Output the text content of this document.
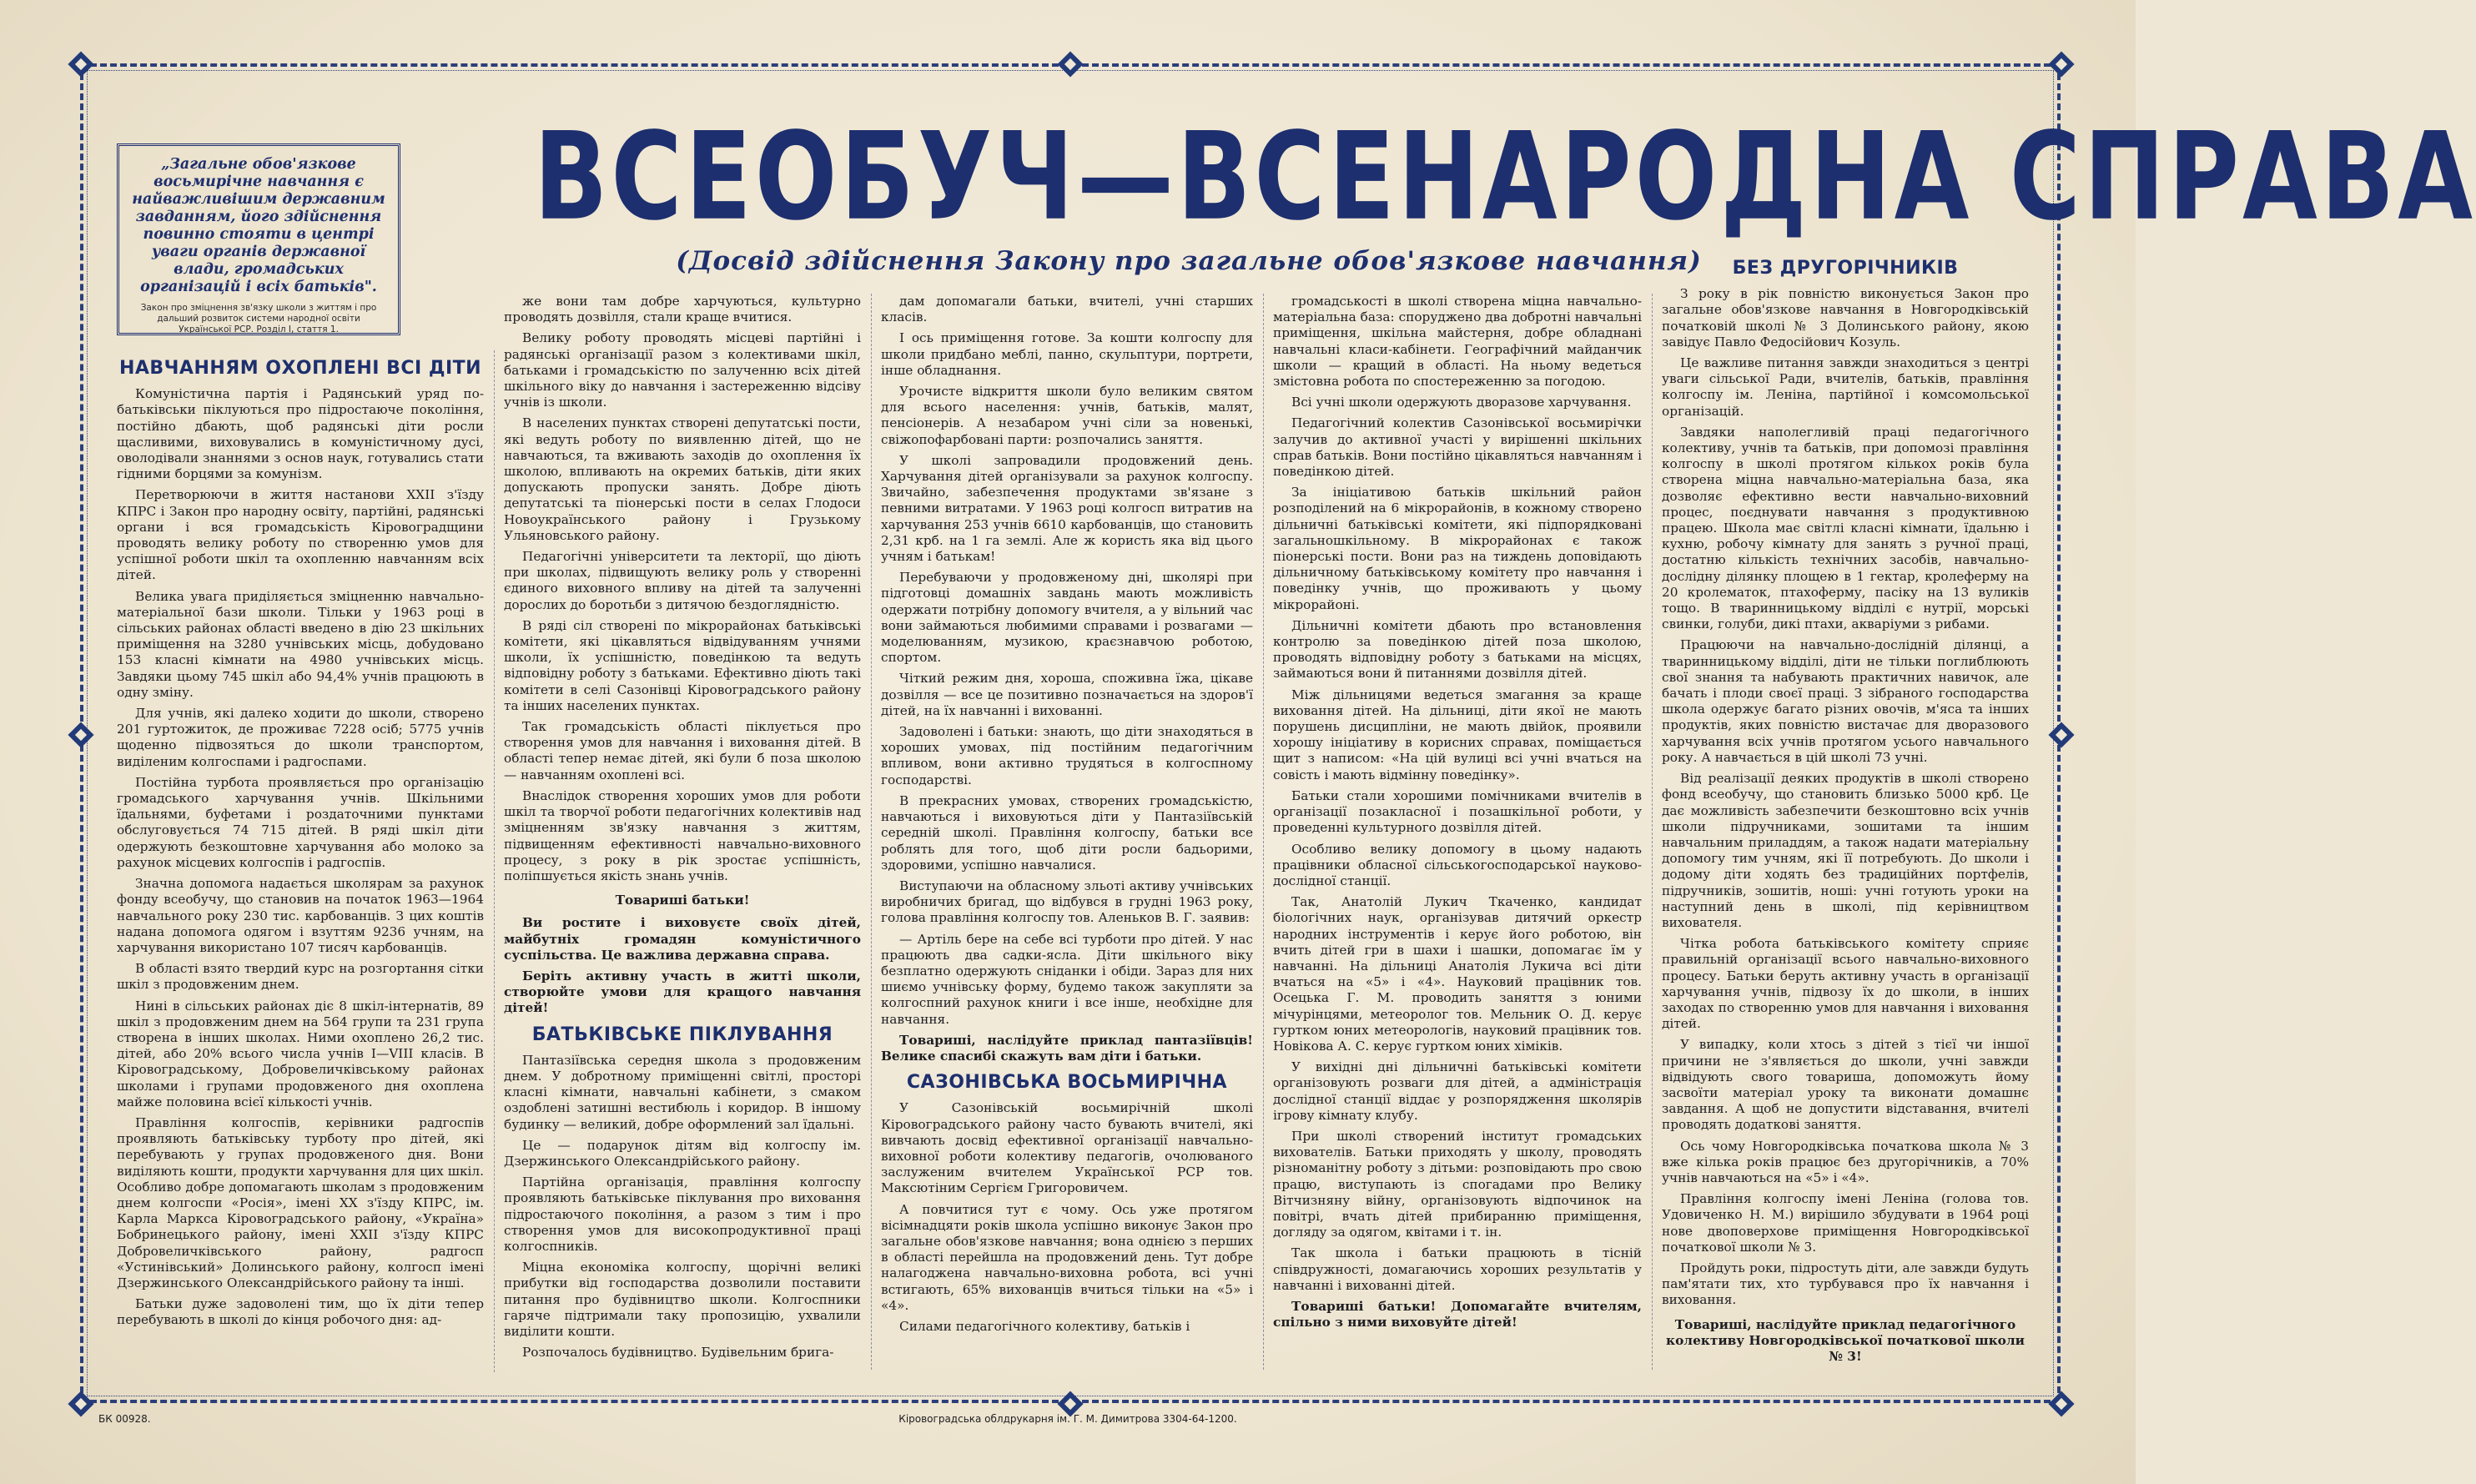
„Загальне обов'язкове восьмирічне навчання є найважливішим державним завданням, його здійснення повинно стояти в центрі уваги органів державної влади, громадських організацій і всіх батьків".
Закон про зміцнення зв'язку школи з життям і про дальший розвиток системи народної освіти Української РСР. Розділ I, стаття 1.
ВСЕОБУЧ—ВСЕНАРОДНА СПРАВА
(Досвід здійснення Закону про загальне обов'язкове навчання)
НАВЧАННЯМ ОХОПЛЕНІ ВСІ ДІТИ

Комуністична партія і Радянський уряд по-батьківськи піклуються про підростаюче покоління, постійно дбають, щоб радянські діти росли щасливими, виховувались в комуністичному дусі, оволодівали знаннями з основ наук, готувались стати гідними борцями за комунізм.

Перетворюючи в життя настанови XXII з'їзду КПРС і Закон про народну освіту, партійні, радянські органи і вся громадськість Кіровоградщини проводять велику роботу по створенню умов для успішної роботи шкіл та охопленню навчанням всіх дітей.

Велика увага приділяється зміцненню навчально-матеріальної бази школи. Тільки у 1963 році в сільських районах області введено в дію 23 шкільних приміщення на 3280 учнівських місць, добудовано 153 класні кімнати на 4980 учнівських місць. Завдяки цьому 745 шкіл або 94,4% учнів працюють в одну зміну.

Для учнів, які далеко ходити до школи, створено 201 гуртожиток, де проживає 7228 осіб; 5775 учнів щоденно підвозяться до школи транспортом, виділеним колгоспами і радгоспами.

Постійна турбота проявляється про організацію громадського харчування учнів. Шкільними їдальнями, буфетами і роздаточними пунктами обслуговується 74 715 дітей. В ряді шкіл діти одержують безкоштовне харчування або молоко за рахунок місцевих колгоспів і радгоспів.

Значна допомога надається школярам за рахунок фонду всеобучу, що становив на початок 1963—1964 навчального року 230 тис. карбованців. З цих коштів надана допомога одягом і взуттям 9236 учням, на харчування використано 107 тисяч карбованців.

В області взято твердий курс на розгортання сітки шкіл з продовженим днем.

Нині в сільських районах діє 8 шкіл-інтернатів, 89 шкіл з продовженим днем на 564 групи та 231 група створена в інших школах. Ними охоплено 26,2 тис. дітей, або 20% всього числа учнів I—VIII класів. В Кіровоградському, Добровеличківському районах школами і групами продовженого дня охоплена майже половина всієї кількості учнів.

Правління колгоспів, керівники радгоспів проявляють батьківську турботу про дітей, які перебувають у групах продовженого дня. Вони виділяють кошти, продукти харчування для цих шкіл. Особливо добре допомагають школам з продовженим днем колгоспи «Росія», імені XX з'їзду КПРС, ім. Карла Маркса Кіровоградського району, «Україна» Бобринецького району, імені XXII з'їзду КПРС Добровеличківського району, радгосп «Устинівський» Долинського району, колгосп імені Дзержинського Олександрійського району та інші.

Батьки дуже задоволені тим, що їх діти тепер перебувають в школі до кінця робочого дня: ад-

же вони там добре харчуються, культурно проводять дозвілля, стали краще вчитися.

Велику роботу проводять місцеві партійні і радянські організації разом з колективами шкіл, батьками і громадськістю по залученню всіх дітей шкільного віку до навчання і застереженню відсіву учнів із школи.

В населених пунктах створені депутатські пости, які ведуть роботу по виявленню дітей, що не навчаються, та вживають заходів до охоплення їх школою, впливають на окремих батьків, діти яких допускають пропуски занять. Добре діють депутатські та піонерські пости в селах Глодоси Новоукраїнського району і Грузькому Ульяновського району.

Педагогічні університети та лекторії, що діють при школах, підвищують велику роль у створенні єдиного виховного впливу на дітей та залученні дорослих до боротьби з дитячою бездоглядністю.

В ряді сіл створені по мікрорайонах батьківські комітети, які цікавляться відвідуванням учнями школи, їх успішністю, поведінкою та ведуть відповідну роботу з батьками. Ефективно діють такі комітети в селі Сазонівці Кіровоградського району та інших населених пунктах.

Так громадськість області піклується про створення умов для навчання і виховання дітей. В області тепер немає дітей, які були б поза школою — навчанням охоплені всі.

Внаслідок створення хороших умов для роботи шкіл та творчої роботи педагогічних колективів над зміцненням зв'язку навчання з життям, підвищенням ефективності навчально-виховного процесу, з року в рік зростає успішність, поліпшується якість знань учнів.

Товариші батьки!

Ви ростите і виховуєте своїх дітей, майбутніх громадян комуністичного суспільства. Це важлива державна справа.

Беріть активну участь в житті школи, створюйте умови для кращого навчання дітей!

БАТЬКІВСЬКЕ ПІКЛУВАННЯ

Пантазіївська середня школа з продовженим днем. У добротному приміщенні світлі, просторі класні кімнати, навчальні кабінети, з смаком оздоблені затишні вестибюль і коридор. В іншому будинку — великий, добре оформлений зал їдальні.

Це — подарунок дітям від колгоспу ім. Дзержинського Олександрійського району.

Партійна організація, правління колгоспу проявляють батьківське піклування про виховання підростаючого покоління, а разом з тим і про створення умов для високопродуктивної праці колгоспників.

Міцна економіка колгоспу, щорічні великі прибутки від господарства дозволили поставити питання про будівництво школи. Колгоспники гаряче підтримали таку пропозицію, ухвалили виділити кошти.

Розпочалось будівництво. Будівельним брига-

дам допомагали батьки, вчителі, учні старших класів.

І ось приміщення готове. За кошти колгоспу для школи придбано меблі, панно, скульптури, портрети, інше обладнання.

Урочисте відкриття школи було великим святом для всього населення: учнів, батьків, малят, пенсіонерів. А незабаром учні сіли за новенькі, свіжопофарбовані парти: розпочались заняття.

У школі запровадили продовжений день. Харчування дітей організували за рахунок колгоспу. Звичайно, забезпечення продуктами зв'язане з певними витратами. У 1963 році колгосп витратив на харчування 253 учнів 6610 карбованців, що становить 2,31 крб. на 1 га землі. Але ж користь яка від цього учням і батькам!

Перебуваючи у продовженому дні, школярі при підготовці домашніх завдань мають можливість одержати потрібну допомогу вчителя, а у вільний час вони займаються любимими справами і розвагами — моделюванням, музикою, краєзнавчою роботою, спортом.

Чіткий режим дня, хороша, споживна їжа, цікаве дозвілля — все це позитивно позначається на здоров'ї дітей, на їх навчанні і вихованні.

Задоволені і батьки: знають, що діти знаходяться в хороших умовах, під постійним педагогічним впливом, вони активно трудяться в колгоспному господарстві.

В прекрасних умовах, створених громадськістю, навчаються і виховуються діти у Пантазіївській середній школі. Правління колгоспу, батьки все роблять для того, щоб діти росли бадьорими, здоровими, успішно навчалися.

Виступаючи на обласному зльоті активу учнівських виробничих бригад, що відбувся в грудні 1963 року, голова правління колгоспу тов. Аленьков В. Г. заявив:

— Артіль бере на себе всі турботи про дітей. У нас працюють два садки-ясла. Діти шкільного віку безплатно одержують сніданки і обіди. Зараз для них шиємо учнівську форму, будемо також закупляти за колгоспний рахунок книги і все інше, необхідне для навчання.

Товариші, наслідуйте приклад пантазіївців! Велике спасибі скажуть вам діти і батьки.

САЗОНІВСЬКА ВОСЬМИРІЧНА

У Сазонівській восьмирічній школі Кіровоградського району часто бувають вчителі, які вивчають досвід ефективної організації навчально-виховної роботи колективу педагогів, очолюваного заслуженим вчителем Української РСР тов. Максютіним Сергієм Григоровичем.

А повчитися тут є чому. Ось уже протягом вісімнадцяти років школа успішно виконує Закон про загальне обов'язкове навчання; вона однією з перших в області перейшла на продовжений день. Тут добре налагоджена навчально-виховна робота, всі учні встигають, 65% вихованців вчиться тільки на «5» і «4».

Силами педагогічного колективу, батьків і

громадськості в школі створена міцна навчально-матеріальна база: споруджено два добротні навчальні приміщення, шкільна майстерня, добре обладнані навчальні класи-кабінети. Географічний майданчик школи — кращий в області. На ньому ведеться змістовна робота по спостереженню за погодою.

Всі учні школи одержують дворазове харчування.

Педагогічний колектив Сазонівської восьмирічки залучив до активної участі у вирішенні шкільних справ батьків. Вони постійно цікавляться навчанням і поведінкою дітей.

За ініціативою батьків шкільний район розподілений на 6 мікрорайонів, в кожному створено дільничні батьківські комітети, які підпорядковані загальношкільному. В мікрорайонах є також піонерські пости. Вони раз на тиждень доповідають дільничному батьківському комітету про навчання і поведінку учнів, що проживають у цьому мікрорайоні.

Дільничні комітети дбають про встановлення контролю за поведінкою дітей поза школою, проводять відповідну роботу з батьками на місцях, займаються вони й питаннями дозвілля дітей.

Між дільницями ведеться змагання за краще виховання дітей. На дільниці, діти якої не мають порушень дисципліни, не мають двійок, проявили хорошу ініціативу в корисних справах, поміщається щит з написом: «На цій вулиці всі учні вчаться на совість і мають відмінну поведінку».

Батьки стали хорошими помічниками вчителів в організації позакласної і позашкільної роботи, у проведенні культурного дозвілля дітей.

Особливо велику допомогу в цьому надають працівники обласної сільськогосподарської науково-дослідної станції.

Так, Анатолій Лукич Ткаченко, кандидат біологічних наук, організував дитячий оркестр народних інструментів і керує його роботою, він вчить дітей гри в шахи і шашки, допомагає їм у навчанні. На дільниці Анатолія Лукича всі діти вчаться на «5» і «4». Науковий працівник тов. Осецька Г. М. проводить заняття з юними мічурінцями, метеоролог тов. Мельник О. Д. керує гуртком юних метеорологів, науковий працівник тов. Новікова А. С. керує гуртком юних хіміків.

У вихідні дні дільничні батьківські комітети організовують розваги для дітей, а адміністрація дослідної станції віддає у розпорядження школярів ігрову кімнату клубу.

При школі створений інститут громадських вихователів. Батьки приходять у школу, проводять різноманітну роботу з дітьми: розповідають про свою працю, виступають із спогадами про Велику Вітчизняну війну, організовують відпочинок на повітрі, вчать дітей прибиранню приміщення, догляду за одягом, квітами і т. ін.

Так школа і батьки працюють в тісній співдружності, домагаючись хороших результатів у навчанні і вихованні дітей.

Товариші батьки! Допомагайте вчителям, спільно з ними виховуйте дітей!

БЕЗ ДРУГОРІЧНИКІВ

З року в рік повністю виконується Закон про загальне обов'язкове навчання в Новгородківській початковій школі № 3 Долинського району, якою завідує Павло Федосійович Козуль.

Це важливе питання завжди знаходиться з центрі уваги сільської Ради, вчителів, батьків, правління колгоспу ім. Леніна, партійної і комсомольської організацій.

Завдяки наполегливій праці педагогічного колективу, учнів та батьків, при допомозі правління колгоспу в школі протягом кількох років була створена міцна навчально-матеріальна база, яка дозволяє ефективно вести навчально-виховний процес, поєднувати навчання з продуктивною працею. Школа має світлі класні кімнати, їдальню і кухню, робочу кімнату для занять з ручної праці, достатню кількість технічних засобів, навчально-дослідну ділянку площею в 1 гектар, кролеферму на 20 кролематок, птахоферму, пасіку на 13 вуликів тощо. В тваринницькому відділі є нутрії, морські свинки, голуби, дикі птахи, акваріуми з рибами.

Працюючи на навчально-дослідній ділянці, а тваринницькому відділі, діти не тільки поглиблюють свої знання та набувають практичних навичок, але бачать і плоди своєї праці. З зібраного господарства школа одержує багато різних овочів, м'яса та інших продуктів, яких повністю вистачає для дворазового харчування всіх учнів протягом усього навчального року. А навчається в цій школі 73 учні.

Від реалізації деяких продуктів в школі створено фонд всеобучу, що становить близько 5000 крб. Це дає можливість забезпечити безкоштовно всіх учнів школи підручниками, зошитами та іншим навчальним приладдям, а також надати матеріальну допомогу тим учням, які її потребують. До школи і додому діти ходять без традиційних портфелів, підручників, зошитів, ноші: учні готують уроки на наступний день в школі, під керівництвом вихователя.

Чітка робота батьківського комітету сприяє правильній організації всього навчально-виховного процесу. Батьки беруть активну участь в організації харчування учнів, підвозу їх до школи, в інших заходах по створенню умов для навчання і виховання дітей.

У випадку, коли хтось з дітей з тієї чи іншої причини не з'являється до школи, учні завжди відвідують свого товариша, допоможуть йому засвоїти матеріал уроку та виконати домашнє завдання. А щоб не допустити відставання, вчителі проводять додаткові заняття.

Ось чому Новгородківська початкова школа № 3 вже кілька років працює без другорічників, а 70% учнів навчаються на «5» і «4».

Правління колгоспу імені Леніна (голова тов. Удовиченко Н. М.) вирішило збудувати в 1964 році нове двоповерхове приміщення Новгородківської початкової школи № 3.

Пройдуть роки, підростуть діти, але завжди будуть пам'ятати тих, хто турбувався про їх навчання і виховання.

Товариші, наслідуйте приклад педагогічного колективу Новгородківської початкової школи № 3!

БК 00928.	Кіровоградська облдрукарня ім. Г. М. Димитрова 3304-64-1200.
